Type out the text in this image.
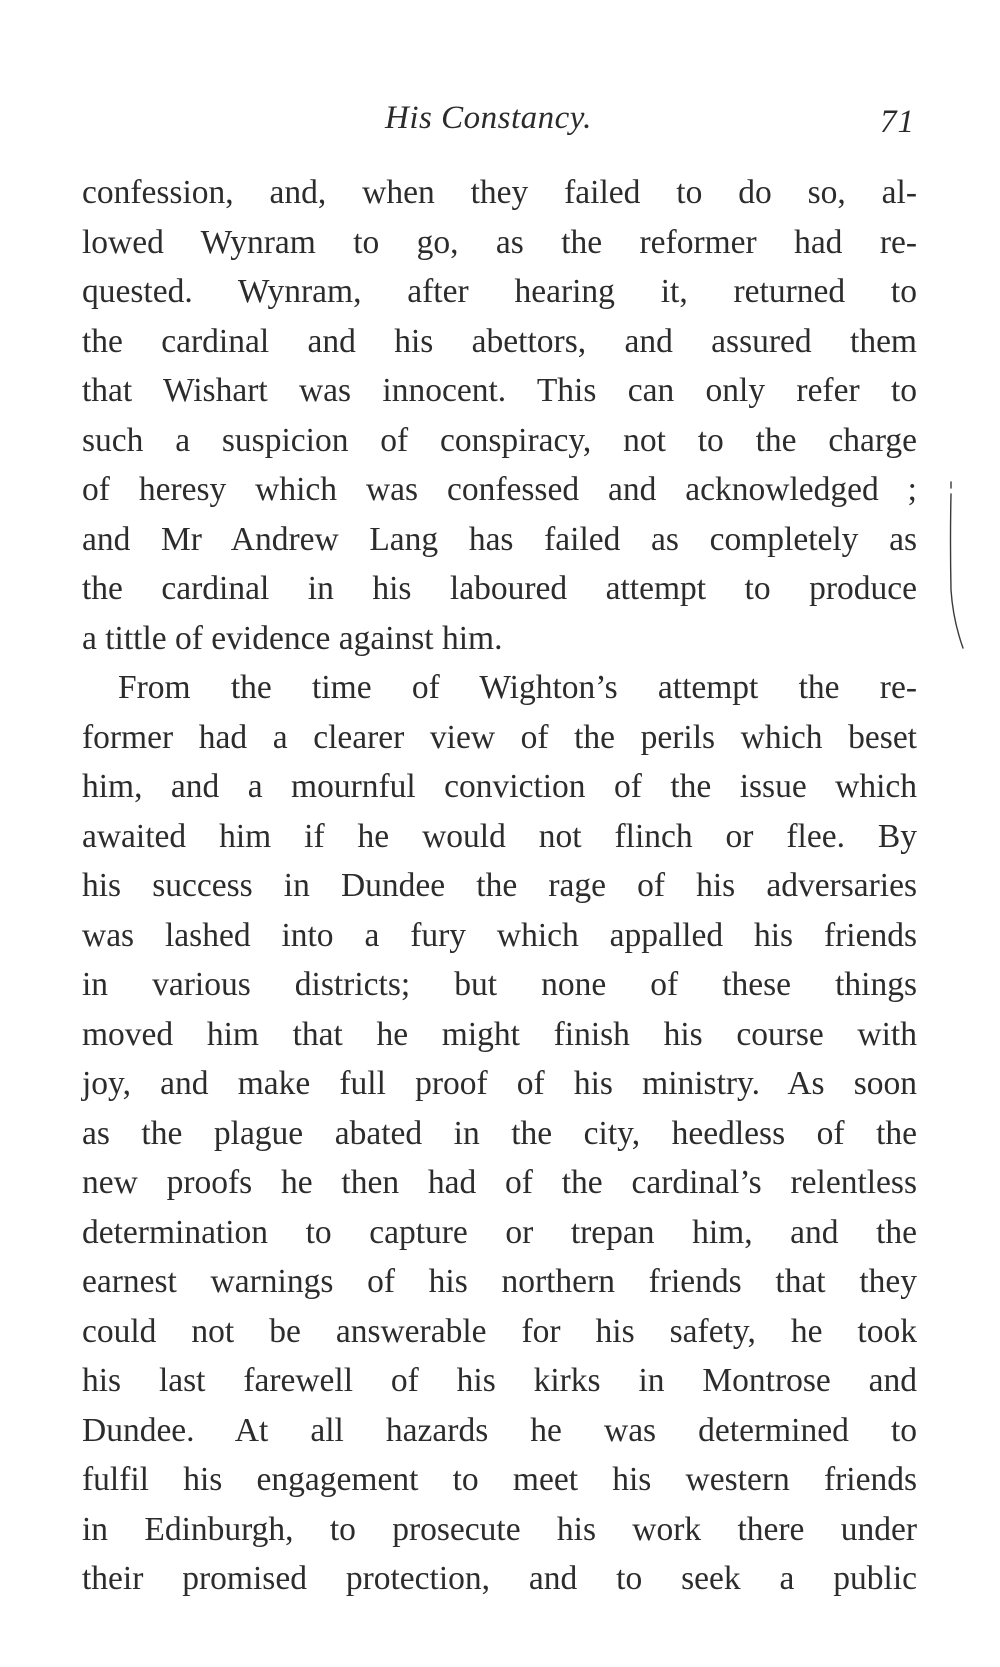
His Constancy.	71
confession, and, when they failed to do so, al-
lowed Wynram to go, as the reformer had re-
quested. Wynram, after hearing it, returned to
the cardinal and his abettors, and assured them
that Wishart was innocent. This can only refer to
such a suspicion of conspiracy, not to the charge
of heresy which was confessed and acknowledged ;
and Mr Andrew Lang has failed as completely as
the cardinal in his laboured attempt to produce
a tittle of evidence against him.
From the time of Wighton’s attempt the re-
former had a clearer view of the perils which beset
him, and a mournful conviction of the issue which
awaited him if he would not flinch or flee. By
his success in Dundee the rage of his adversaries
was lashed into a fury which appalled his friends
in various districts; but none of these things
moved him that he might finish his course with
joy, and make full proof of his ministry. As soon
as the plague abated in the city, heedless of the
new proofs he then had of the cardinal’s relentless
determination to capture or trepan him, and the
earnest warnings of his northern friends that they
could not be answerable for his safety, he took
his last farewell of his kirks in Montrose and
Dundee. At all hazards he was determined to
fulfil his engagement to meet his western friends
in Edinburgh, to prosecute his work there under
their promised protection, and to seek a public
